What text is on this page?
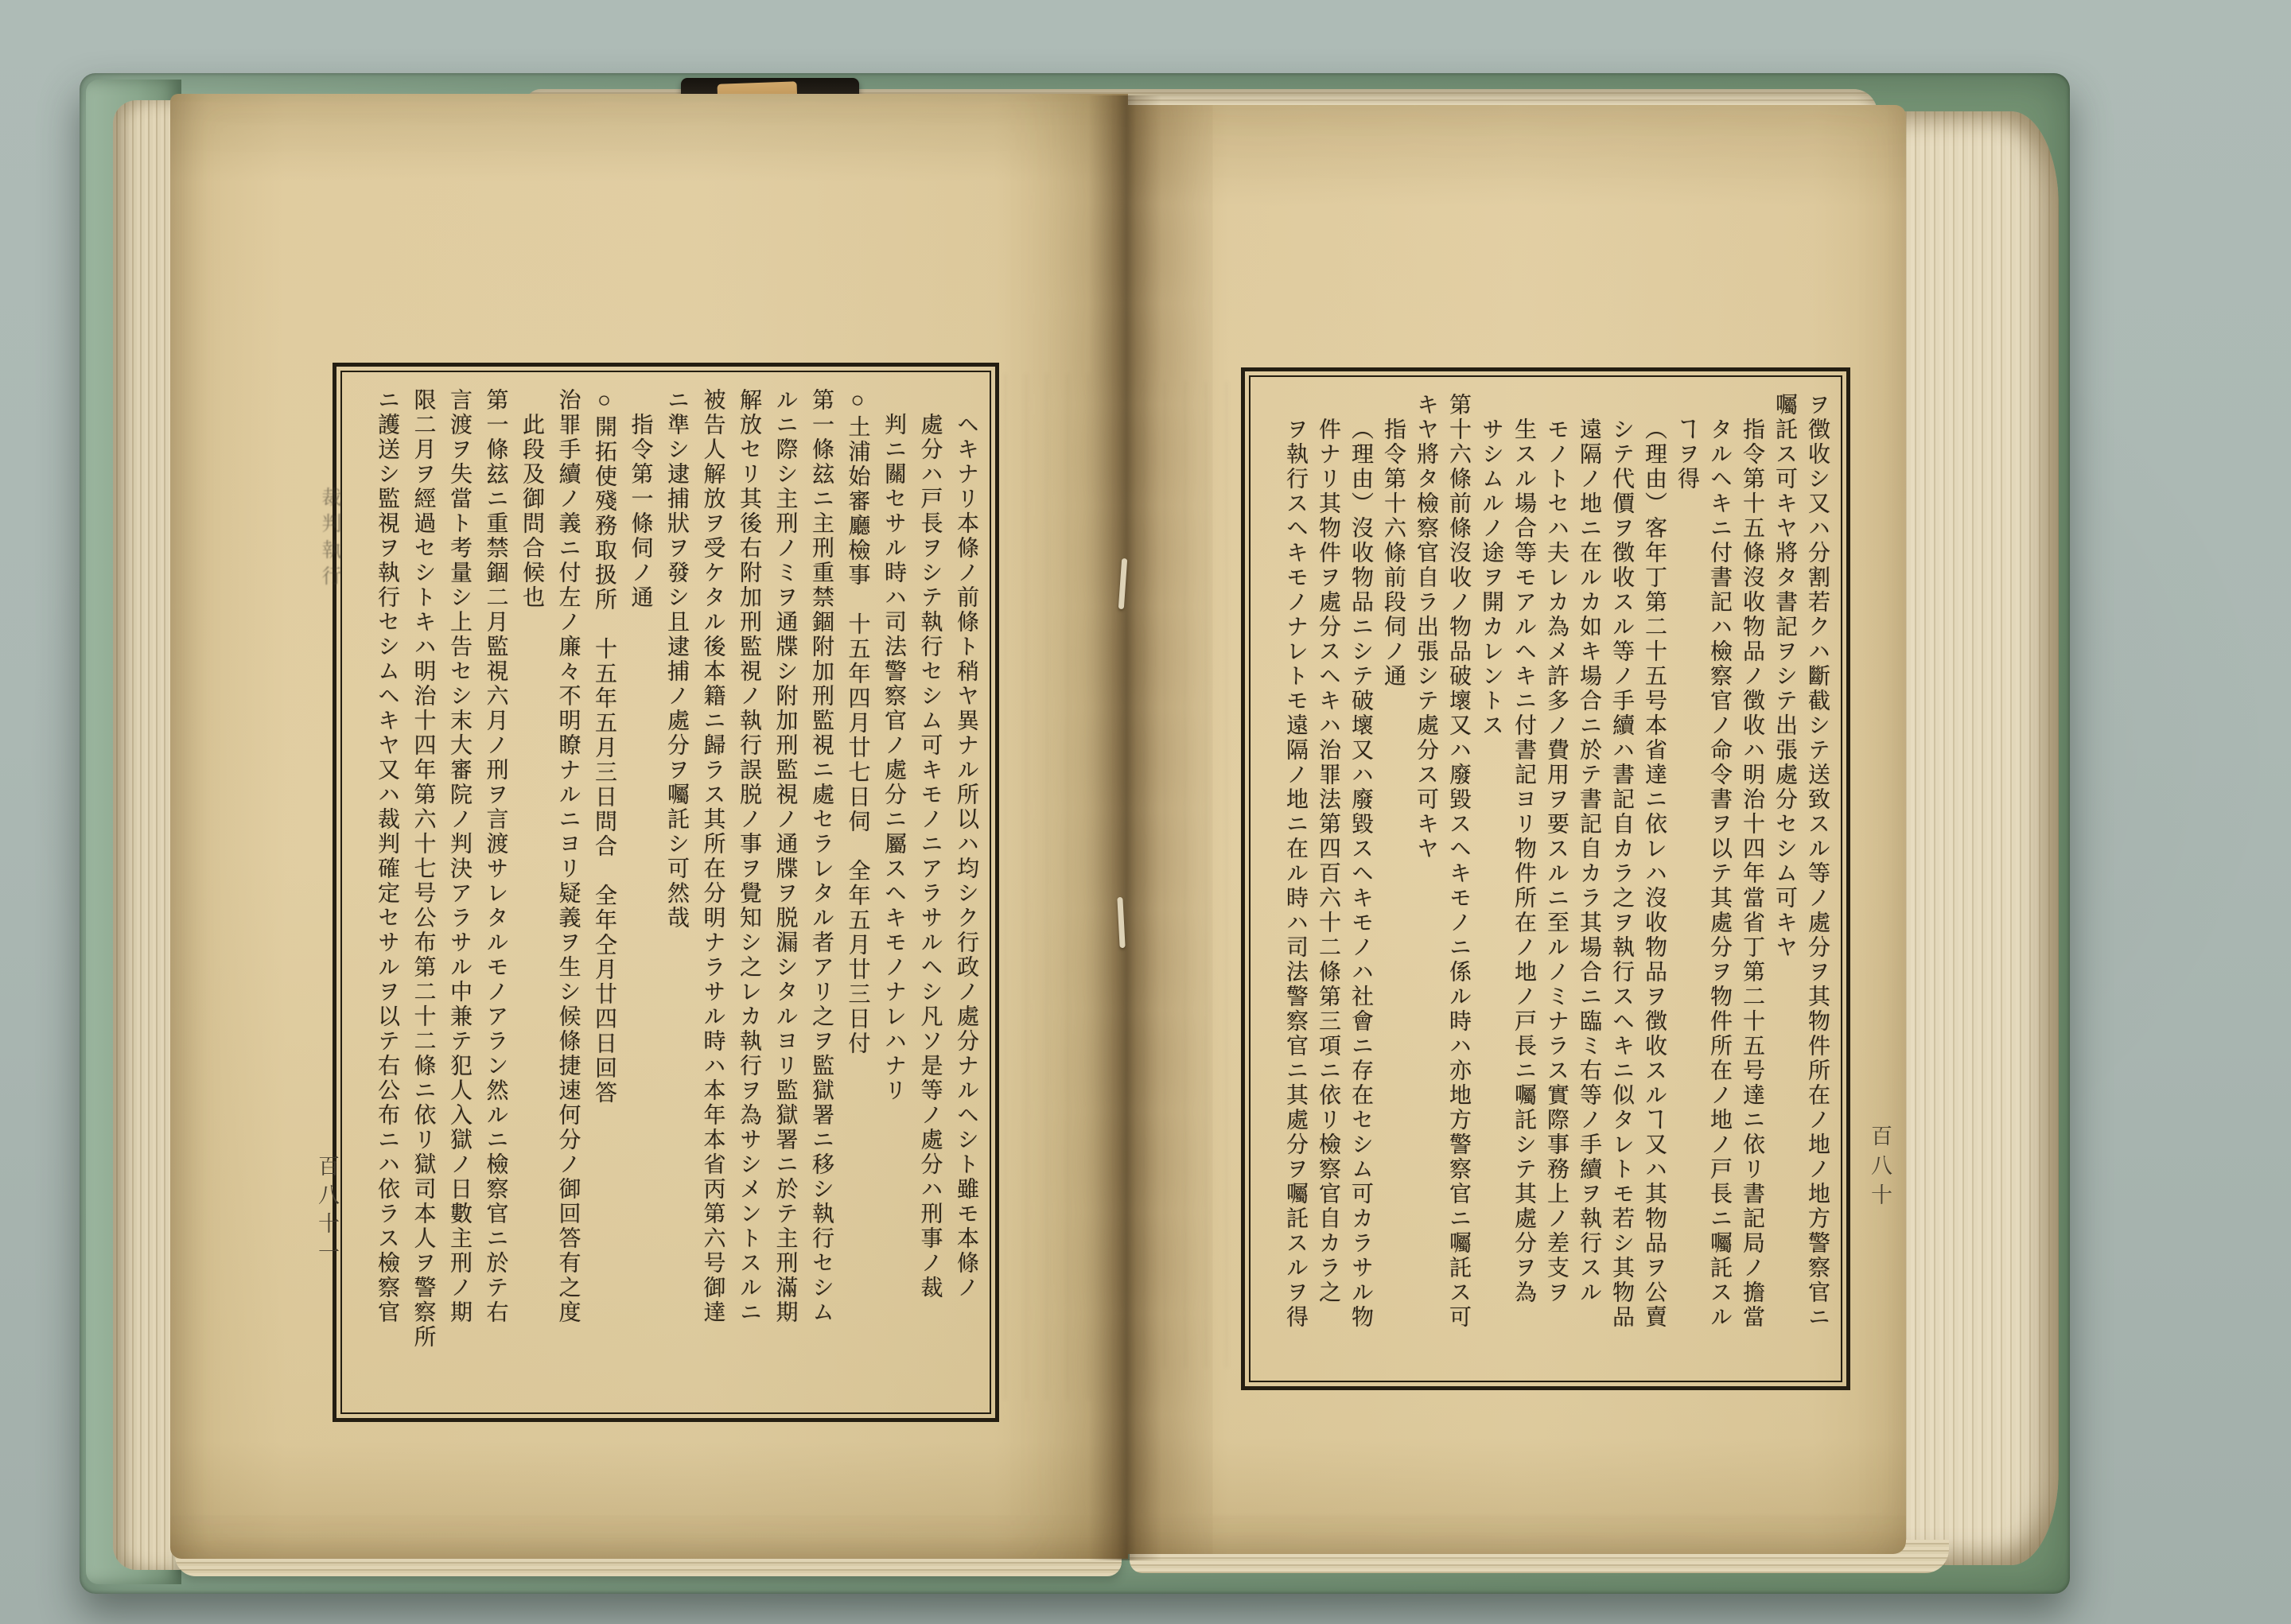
ヲ徴收シ又ハ分割若クハ斷截シテ送致スル等ノ處分ヲ其物件所在ノ地ノ地方警察官ニ
囑託ス可キヤ將タ書記ヲシテ出張處分セシム可キヤ
指令第十五條沒收物品ノ徴收ハ明治十四年當省丁第二十五号達ニ依リ書記局ノ擔當
タルヘキニ付書記ハ檢察官ノ命令書ヲ以テ其處分ヲ物件所在ノ地ノ戸長ニ囑託スル
ヿヲ得
（理由）客年丁第二十五号本省達ニ依レハ沒收物品ヲ徴收スルヿ又ハ其物品ヲ公賣
シテ代價ヲ徴收スル等ノ手續ハ書記自カラ之ヲ執行スヘキニ似タレトモ若シ其物品
遠隔ノ地ニ在ルカ如キ場合ニ於テ書記自カラ其場合ニ臨ミ右等ノ手續ヲ執行スル
モノトセハ夫レカ為メ許多ノ費用ヲ要スルニ至ルノミナラス實際事務上ノ差支ヲ
生スル場合等モアルヘキニ付書記ヨリ物件所在ノ地ノ戸長ニ囑託シテ其處分ヲ為
サシムルノ途ヲ開カレントス
第十六條前條沒收ノ物品破壞又ハ廢毀スヘキモノニ係ル時ハ亦地方警察官ニ囑託ス可
キヤ將タ檢察官自ラ出張シテ處分ス可キヤ
指令第十六條前段伺ノ通
（理由）沒收物品ニシテ破壞又ハ廢毀スヘキモノハ社會ニ存在セシム可カラサル物
件ナリ其物件ヲ處分スヘキハ治罪法第四百六十二條第三項ニ依リ檢察官自カラ之
ヲ執行スヘキモノナレトモ遠隔ノ地ニ在ル時ハ司法警察官ニ其處分ヲ囑託スルヲ得	百八十
ヘキナリ本條ノ前條ト稍ヤ異ナル所以ハ均シク行政ノ處分ナルヘシト雖モ本條ノ
處分ハ戸長ヲシテ執行セシム可キモノニアラサルヘシ凡ソ是等ノ處分ハ刑事ノ裁
判ニ關セサル時ハ司法警察官ノ處分ニ屬スヘキモノナレハナリ
○土浦始審廳檢事　十五年四月廿七日伺　全年五月廿三日付
第一條玆ニ主刑重禁錮附加刑監視ニ處セラレタル者アリ之ヲ監獄署ニ移シ執行セシム
ルニ際シ主刑ノミヲ通牒シ附加刑監視ノ通牒ヲ脱漏シタルヨリ監獄署ニ於テ主刑滿期
解放セリ其後右附加刑監視ノ執行誤脱ノ事ヲ覺知シ之レカ執行ヲ為サシメントスルニ
被告人解放ヲ受ケタル後本籍ニ歸ラス其所在分明ナラサル時ハ本年本省丙第六号御達
ニ準シ逮捕狀ヲ發シ且逮捕ノ處分ヲ囑託シ可然哉
指令第一條伺ノ通
○開拓使殘務取扱所　十五年五月三日問合　全年仝月廿四日回答
治罪手續ノ義ニ付左ノ廉々不明瞭ナルニヨリ疑義ヲ生シ候條捷速何分ノ御回答有之度
此段及御問合候也
第一條玆ニ重禁錮二月監視六月ノ刑ヲ言渡サレタルモノアラン然ルニ檢察官ニ於テ右
言渡ヲ失當ト考量シ上告セシ末大審院ノ判決アラサル中兼テ犯人入獄ノ日數主刑ノ期
限二月ヲ經過セシトキハ明治十四年第六十七号公布第二十二條ニ依リ獄司本人ヲ警察所
ニ護送シ監視ヲ執行セシムヘキヤ又ハ裁判確定セサルヲ以テ右公布ニハ依ラス檢察官
裁判執行
百八十一
